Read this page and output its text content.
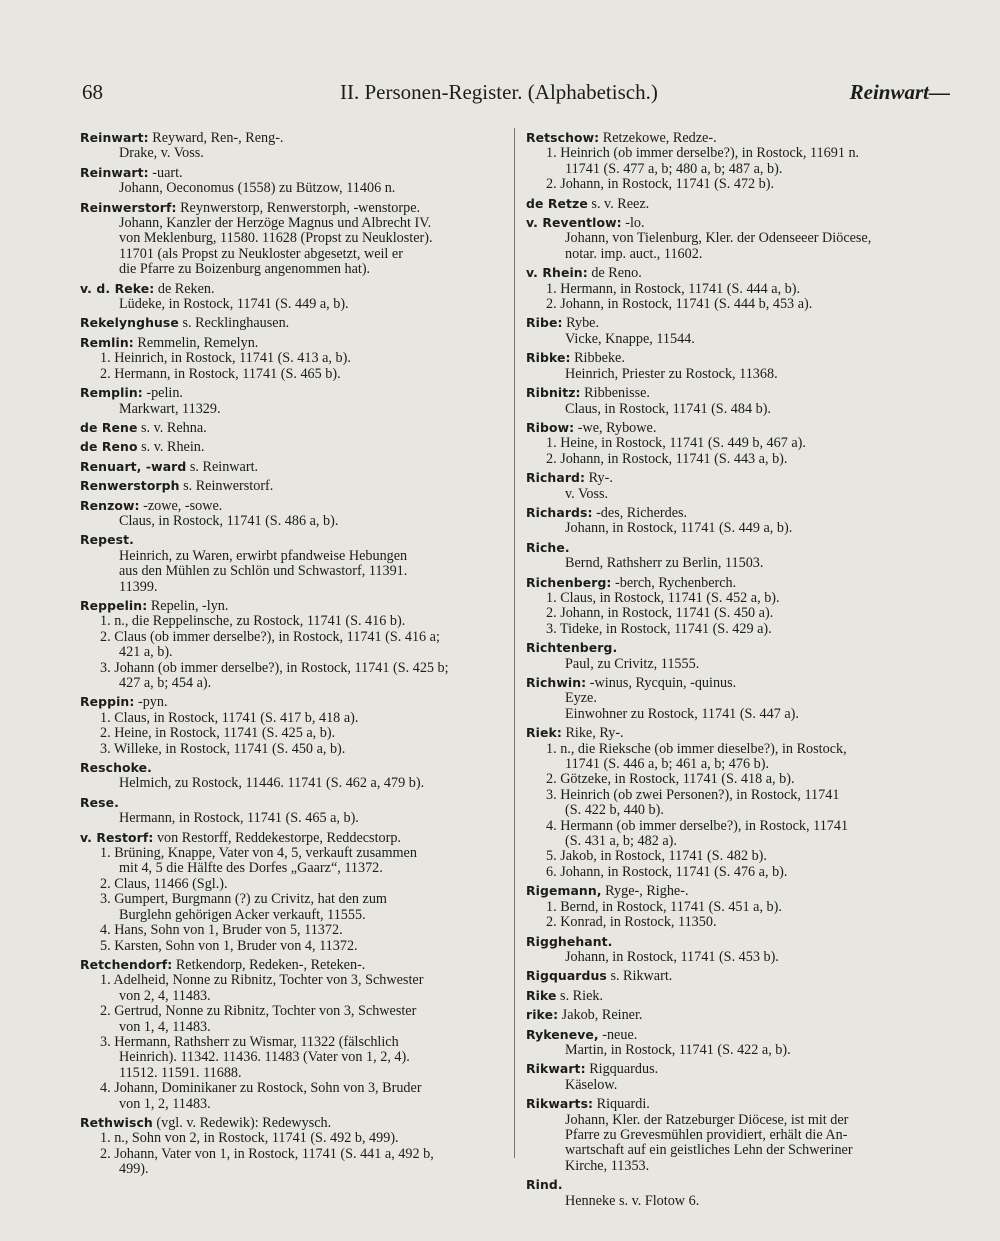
68	II. Personen-Register. (Alphabetisch.)	Reinwart—
Reinwart: Reyward, Ren-, Reng-.
Drake, v. Voss.
Reinwart: -uart.
Johann, Oeconomus (1558) zu Bützow, 11406 n.
Reinwerstorf: Reynwerstorp, Renwerstorph, -wenstorpe.
Johann, Kanzler der Herzöge Magnus und Albrecht IV.
von Meklenburg, 11580. 11628 (Propst zu Neukloster).
11701 (als Propst zu Neukloster abgesetzt, weil er
die Pfarre zu Boizenburg angenommen hat).
v. d. Reke: de Reken.
Lüdeke, in Rostock, 11741 (S. 449 a, b).
Rekelynghuse s. Recklinghausen.
Remlin: Remmelin, Remelyn.
1. Heinrich, in Rostock, 11741 (S. 413 a, b).
2. Hermann, in Rostock, 11741 (S. 465 b).
Remplin: -pelin.
Markwart, 11329.
de Rene s. v. Rehna.
de Reno s. v. Rhein.
Renuart, -ward s. Reinwart.
Renwerstorph s. Reinwerstorf.
Renzow: -zowe, -sowe.
Claus, in Rostock, 11741 (S. 486 a, b).
Repest.
Heinrich, zu Waren, erwirbt pfandweise Hebungen
aus den Mühlen zu Schlön und Schwastorf, 11391.
11399.
Reppelin: Repelin, -lyn.
1. n., die Reppelinsche, zu Rostock, 11741 (S. 416 b).
2. Claus (ob immer derselbe?), in Rostock, 11741 (S. 416 a;
421 a, b).
3. Johann (ob immer derselbe?), in Rostock, 11741 (S. 425 b;
427 a, b; 454 a).
Reppin: -pyn.
1. Claus, in Rostock, 11741 (S. 417 b, 418 a).
2. Heine, in Rostock, 11741 (S. 425 a, b).
3. Willeke, in Rostock, 11741 (S. 450 a, b).
Reschoke.
Helmich, zu Rostock, 11446. 11741 (S. 462 a, 479 b).
Rese.
Hermann, in Rostock, 11741 (S. 465 a, b).
v. Restorf: von Restorff, Reddekestorpe, Reddecstorp.
1. Brüning, Knappe, Vater von 4, 5, verkauft zusammen
mit 4, 5 die Hälfte des Dorfes „Gaarz“, 11372.
2. Claus, 11466 (Sgl.).
3. Gumpert, Burgmann (?) zu Crivitz, hat den zum
Burglehn gehörigen Acker verkauft, 11555.
4. Hans, Sohn von 1, Bruder von 5, 11372.
5. Karsten, Sohn von 1, Bruder von 4, 11372.
Retchendorf: Retkendorp, Redeken-, Reteken-.
1. Adelheid, Nonne zu Ribnitz, Tochter von 3, Schwester
von 2, 4, 11483.
2. Gertrud, Nonne zu Ribnitz, Tochter von 3, Schwester
von 1, 4, 11483.
3. Hermann, Rathsherr zu Wismar, 11322 (fälschlich
Heinrich). 11342. 11436. 11483 (Vater von 1, 2, 4).
11512. 11591. 11688.
4. Johann, Dominikaner zu Rostock, Sohn von 3, Bruder
von 1, 2, 11483.
Rethwisch (vgl. v. Redewik): Redewysch.
1. n., Sohn von 2, in Rostock, 11741 (S. 492 b, 499).
2. Johann, Vater von 1, in Rostock, 11741 (S. 441 a, 492 b,
499).
Retschow: Retzekowe, Redze-.
1. Heinrich (ob immer derselbe?), in Rostock, 11691 n.
11741 (S. 477 a, b; 480 a, b; 487 a, b).
2. Johann, in Rostock, 11741 (S. 472 b).
de Retze s. v. Reez.
v. Reventlow: -lo.
Johann, von Tielenburg, Kler. der Odenseeer Diöcese,
notar. imp. auct., 11602.
v. Rhein: de Reno.
1. Hermann, in Rostock, 11741 (S. 444 a, b).
2. Johann, in Rostock, 11741 (S. 444 b, 453 a).
Ribe: Rybe.
Vicke, Knappe, 11544.
Ribke: Ribbeke.
Heinrich, Priester zu Rostock, 11368.
Ribnitz: Ribbenisse.
Claus, in Rostock, 11741 (S. 484 b).
Ribow: -we, Rybowe.
1. Heine, in Rostock, 11741 (S. 449 b, 467 a).
2. Johann, in Rostock, 11741 (S. 443 a, b).
Richard: Ry-.
v. Voss.
Richards: -des, Richerdes.
Johann, in Rostock, 11741 (S. 449 a, b).
Riche.
Bernd, Rathsherr zu Berlin, 11503.
Richenberg: -berch, Rychenberch.
1. Claus, in Rostock, 11741 (S. 452 a, b).
2. Johann, in Rostock, 11741 (S. 450 a).
3. Tideke, in Rostock, 11741 (S. 429 a).
Richtenberg.
Paul, zu Crivitz, 11555.
Richwin: -winus, Rycquin, -quinus.
Eyze.
Einwohner zu Rostock, 11741 (S. 447 a).
Riek: Rike, Ry-.
1. n., die Rieksche (ob immer dieselbe?), in Rostock,
11741 (S. 446 a, b; 461 a, b; 476 b).
2. Götzeke, in Rostock, 11741 (S. 418 a, b).
3. Heinrich (ob zwei Personen?), in Rostock, 11741
(S. 422 b, 440 b).
4. Hermann (ob immer derselbe?), in Rostock, 11741
(S. 431 a, b; 482 a).
5. Jakob, in Rostock, 11741 (S. 482 b).
6. Johann, in Rostock, 11741 (S. 476 a, b).
Rigemann, Ryge-, Righe-.
1. Bernd, in Rostock, 11741 (S. 451 a, b).
2. Konrad, in Rostock, 11350.
Rigghehant.
Johann, in Rostock, 11741 (S. 453 b).
Rigquardus s. Rikwart.
Rike s. Riek.
rike: Jakob, Reiner.
Rykeneve, -neue.
Martin, in Rostock, 11741 (S. 422 a, b).
Rikwart: Rigquardus.
Käselow.
Rikwarts: Riquardi.
Johann, Kler. der Ratzeburger Diöcese, ist mit der
Pfarre zu Grevesmühlen providiert, erhält die An-
wartschaft auf ein geistliches Lehn der Schweriner
Kirche, 11353.
Rind.
Henneke s. v. Flotow 6.
